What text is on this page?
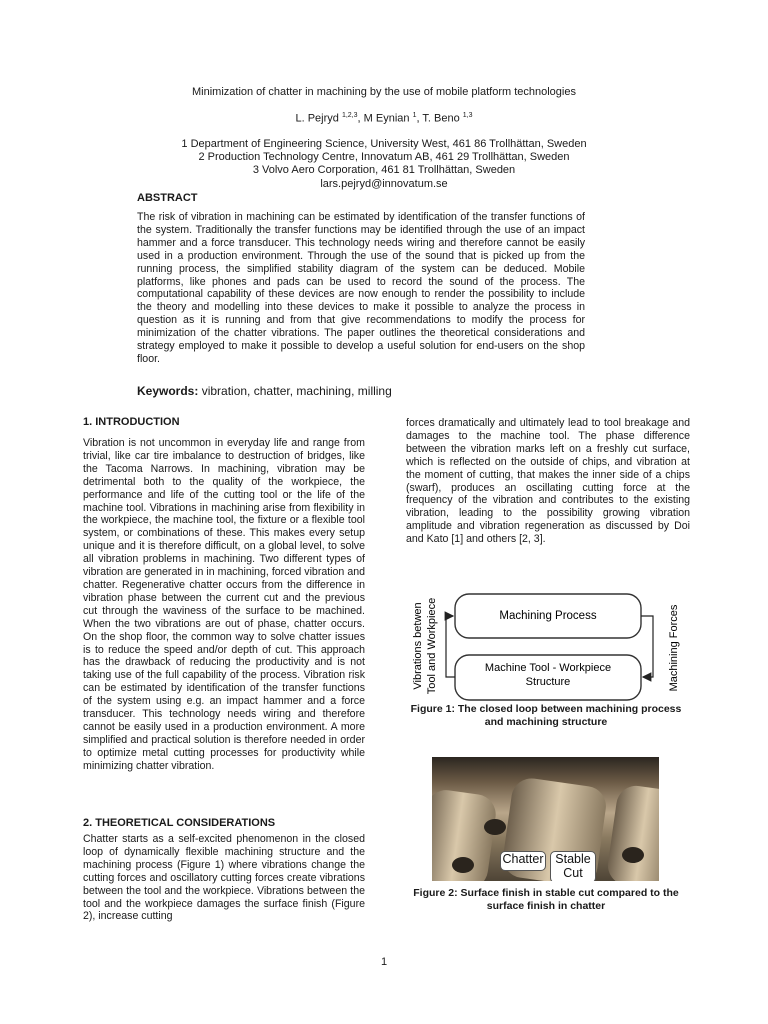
Minimization of chatter in machining by the use of mobile platform technologies
L. Pejryd $^{1,2,3}$, M Eynian $^1$, T. Beno $^{1,3}$
1 Department of Engineering Science, University West, 461 86 Trollhättan, Sweden
2 Production Technology Centre, Innovatum AB, 461 29 Trollhättan, Sweden
3 Volvo Aero Corporation, 461 81 Trollhättan, Sweden
lars.pejryd@innovatum.se
ABSTRACT
The risk of vibration in machining can be estimated by identification of the transfer functions of the system. Traditionally the transfer functions may be identified through the use of an impact hammer and a force transducer. This technology needs wiring and therefore cannot be easily used in a production environment. Through the use of the sound that is picked up from the running process, the simplified stability diagram of the system can be deduced. Mobile platforms, like phones and pads can be used to record the sound of the process. The computational capability of these devices are now enough to render the possibility to include the theory and modelling into these devices to make it possible to analyze the process in question as it is running and from that give recommendations to modify the process for minimization of the chatter vibrations. The paper outlines the theoretical considerations and strategy employed to make it possible to develop a useful solution for end-users on the shop floor.
Keywords: vibration, chatter, machining, milling
1. INTRODUCTION
Vibration is not uncommon in everyday life and range from trivial, like car tire imbalance to destruction of bridges, like the Tacoma Narrows. In machining, vibration may be detrimental both to the quality of the workpiece, the performance and life of the cutting tool or the life of the machine tool. Vibrations in machining arise from flexibility in the workpiece, the machine tool, the fixture or a flexible tool system, or combinations of these. This makes every setup unique and it is therefore difficult, on a global level, to solve all vibration problems in machining. Two different types of vibration are generated in in machining, forced vibration and chatter. Regenerative chatter occurs from the difference in vibration phase between the current cut and the previous cut through the waviness of the surface to be machined. When the two vibrations are out of phase, chatter occurs. On the shop floor, the common way to solve chatter issues is to reduce the speed and/or depth of cut. This approach has the drawback of reducing the productivity and is not taking use of the full capability of the process. Vibration risk can be estimated by identification of the transfer functions of the system using e.g. an impact hammer and a force transducer. This technology needs wiring and therefore cannot be easily used in a production environment. A more simplified and practical solution is therefore needed in order to optimize metal cutting processes for productivity while minimizing chatter vibration.
2. THEORETICAL CONSIDERATIONS
Chatter starts as a self-excited phenomenon in the closed loop of dynamically flexible machining structure and the machining process (Figure 1) where vibrations change the cutting forces and oscillatory cutting forces create vibrations between the tool and the workpiece. Vibrations between the tool and the workpiece damages the surface finish (Figure 2), increase cutting
forces dramatically and ultimately lead to tool breakage and damages to the machine tool. The phase difference between the vibration marks left on a freshly cut surface, which is reflected on the outside of chips, and vibration at the moment of cutting, that makes the inner side of a chips (swarf), produces an oscillating cutting force at the frequency of the vibration and contributes to the existing vibration, leading to the possibility growing vibration amplitude and vibration regeneration as discussed by Doi and Kato [1] and others [2, 3].
Machining Process
Machine Tool - Workpiece
Structure
Vibrations betwen Tool and Workpiece	Machining Forces
Figure 1: The closed loop between machining process and machining structure
Chatter Stable
Cut
Figure 2: Surface finish in stable cut compared to the surface finish in chatter
1
